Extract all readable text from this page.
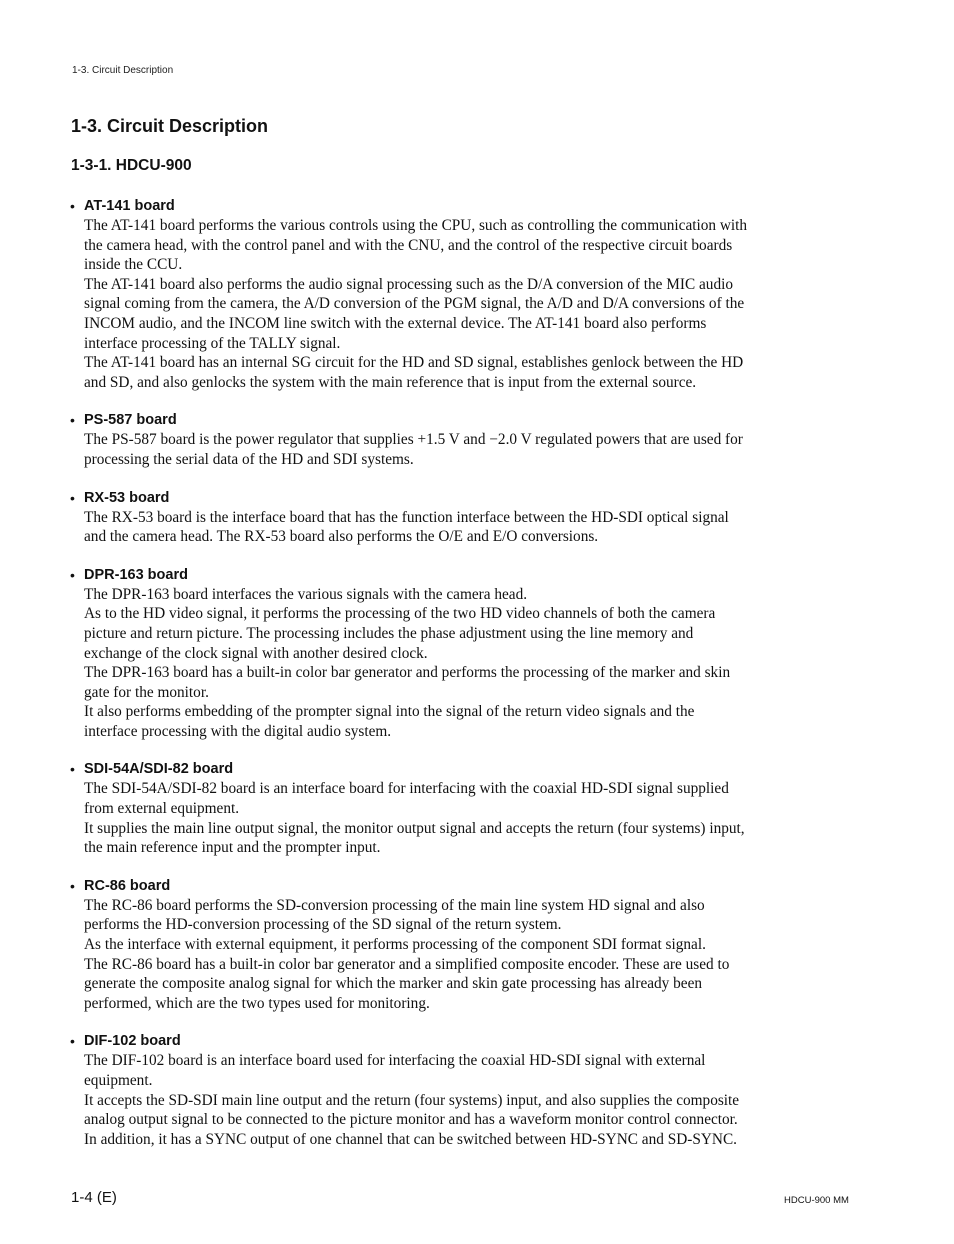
1-3. Circuit Description
1-3. Circuit Description
1-3-1. HDCU-900
• AT-141 board

The AT-141 board performs the various controls using the CPU, such as controlling the communication with the camera head, with the control panel and with the CNU, and the control of the respective circuit boards inside the CCU.

The AT-141 board also performs the audio signal processing such as the D/A conversion of the MIC audio signal coming from the camera, the A/D conversion of the PGM signal, the A/D and D/A conversions of the INCOM audio, and the INCOM line switch with the external device. The AT-141 board also performs interface processing of the TALLY signal.

The AT-141 board has an internal SG circuit for the HD and SD signal, establishes genlock between the HD and SD, and also genlocks the system with the main reference that is input from the external source.

• PS-587 board

The PS-587 board is the power regulator that supplies +1.5 V and −2.0 V regulated powers that are used for processing the serial data of the HD and SDI systems.

• RX-53 board

The RX-53 board is the interface board that has the function interface between the HD-SDI optical signal and the camera head. The RX-53 board also performs the O/E and E/O conversions.

• DPR-163 board

The DPR-163 board interfaces the various signals with the camera head.

As to the HD video signal, it performs the processing of the two HD video channels of both the camera picture and return picture. The processing includes the phase adjustment using the line memory and exchange of the clock signal with another desired clock.

The DPR-163 board has a built-in color bar generator and performs the processing of the marker and skin gate for the monitor.

It also performs embedding of the prompter signal into the signal of the return video signals and the interface processing with the digital audio system.

• SDI-54A/SDI-82 board

The SDI-54A/SDI-82 board is an interface board for interfacing with the coaxial HD-SDI signal supplied from external equipment.

It supplies the main line output signal, the monitor output signal and accepts the return (four systems) input, the main reference input and the prompter input.

• RC-86 board

The RC-86 board performs the SD-conversion processing of the main line system HD signal and also performs the HD-conversion processing of the SD signal of the return system.

As the interface with external equipment, it performs processing of the component SDI format signal.

The RC-86 board has a built-in color bar generator and a simplified composite encoder. These are used to generate the composite analog signal for which the marker and skin gate processing has already been performed, which are the two types used for monitoring.

• DIF-102 board

The DIF-102 board is an interface board used for interfacing the coaxial HD-SDI signal with external equipment.

It accepts the SD-SDI main line output and the return (four systems) input, and also supplies the composite analog output signal to be connected to the picture monitor and has a waveform monitor control connector.

In addition, it has a SYNC output of one channel that can be switched between HD-SYNC and SD-SYNC.

1-4 (E)	HDCU-900 MM
